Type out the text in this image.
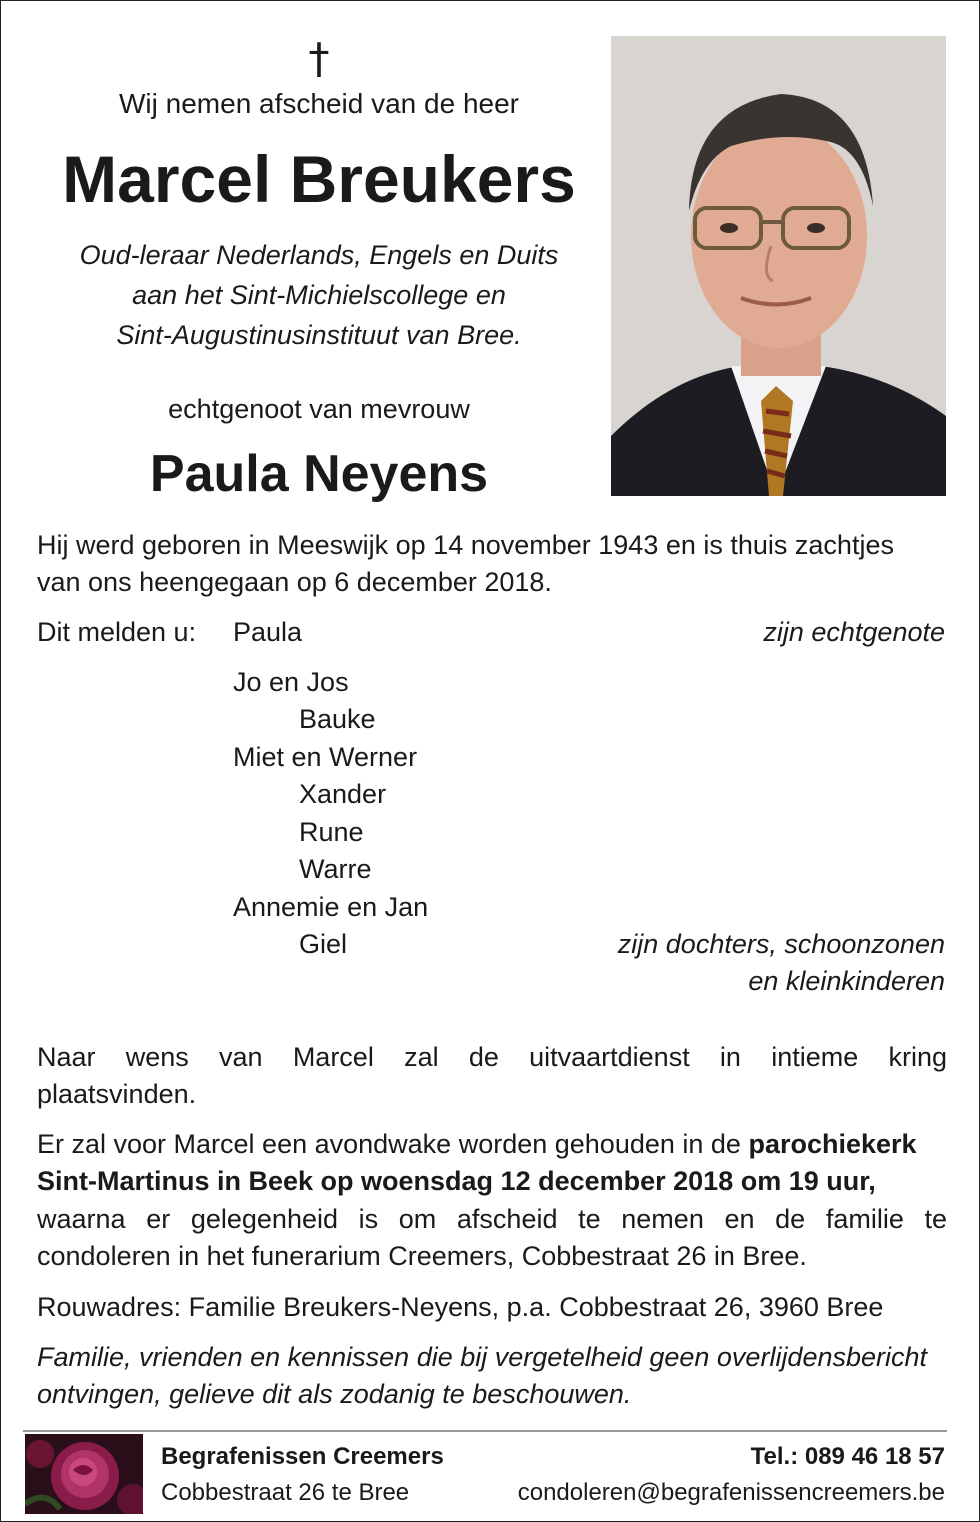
†
Wij nemen afscheid van de heer
Marcel Breukers
Oud-leraar Nederlands, Engels en Duits
aan het Sint-Michielscollege en
Sint-Augustinusinstituut van Bree.
echtgenoot van mevrouw
Paula Neyens
Hij werd geboren in Meeswijk op 14 november 1943 en is thuis zachtjes
van ons heengegaan op 6 december 2018.
Dit melden u: Paula	zijn echtgenote
Jo en Jos
Bauke
Miet en Werner
Xander
Rune
Warre
Annemie en Jan
Giel	zijn dochters, schoonzonen
en kleinkinderen
Naar wens van Marcel zal de uitvaartdienst in intieme kring
plaatsvinden.
Er zal voor Marcel een avondwake worden gehouden in de parochiekerk
Sint-Martinus in Beek op woensdag 12 december 2018 om 19 uur,
waarna er gelegenheid is om afscheid te nemen en de familie te
condoleren in het funerarium Creemers, Cobbestraat 26 in Bree.
Rouwadres: Familie Breukers-Neyens, p.a. Cobbestraat 26, 3960 Bree
Familie, vrienden en kennissen die bij vergetelheid geen overlijdensbericht
ontvingen, gelieve dit als zodanig te beschouwen.
Begrafenissen Creemers
Cobbestraat 26 te Bree
Tel.: 089 46 18 57
condoleren@begrafenissencreemers.be
